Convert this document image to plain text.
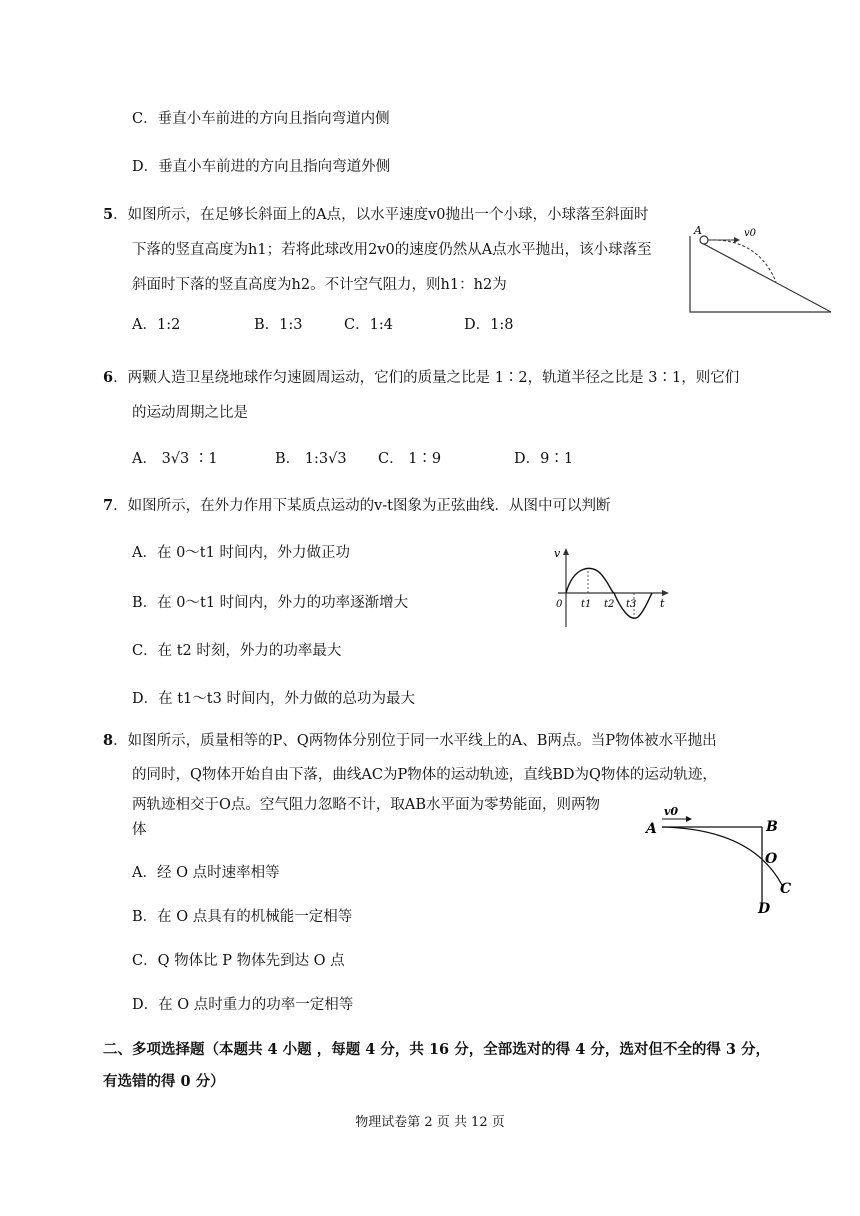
C．垂直小车前进的方向且指向弯道内侧
D．垂直小车前进的方向且指向弯道外侧
5．如图所示，在足够长斜面上的A点，以水平速度v0抛出一个小球，小球落至斜面时
下落的竖直高度为h1；若将此球改用2v0的速度仍然从A点水平抛出，该小球落至
斜面时下落的竖直高度为h2。不计空气阻力，则h1：h2为
A．1:2	B．1:3	C．1:4	D．1:8
A	v0
6．两颗人造卫星绕地球作匀速圆周运动，它们的质量之比是 1∶2，轨道半径之比是 3∶1，则它们
的运动周期之比是
A． 3√3 ∶1	B． 1:3√3 C． 1∶9	D．9∶1
7．如图所示，在外力作用下某质点运动的v-t图象为正弦曲线．从图中可以判断
A．在 0～t1 时间内，外力做正功
B．在 0～t1 时间内，外力的功率逐渐增大
C．在 t2 时刻，外力的功率最大
D．在 t1～t3 时间内，外力做的总功为最大
v
t
0 t1 t2 t3
8．如图所示，质量相等的P、Q两物体分别位于同一水平线上的A、B两点。当P物体被水平抛出
的同时，Q物体开始自由下落，曲线AC为P物体的运动轨迹，直线BD为Q物体的运动轨迹，
两轨迹相交于O点。空气阻力忽略不计，取AB水平面为零势能面，则两物
体
A．经 O 点时速率相等
B．在 O 点具有的机械能一定相等
C．Q 物体比 P 物体先到达 O 点
D．在 O 点时重力的功率一定相等
A
v0
B
O
C
D
二、多项选择题（本题共 4 小题 ，每题 4 分，共 16 分，全部选对的得 4 分，选对但不全的得 3 分，
有选错的得 0 分）
物理试卷第 2 页 共 12 页
